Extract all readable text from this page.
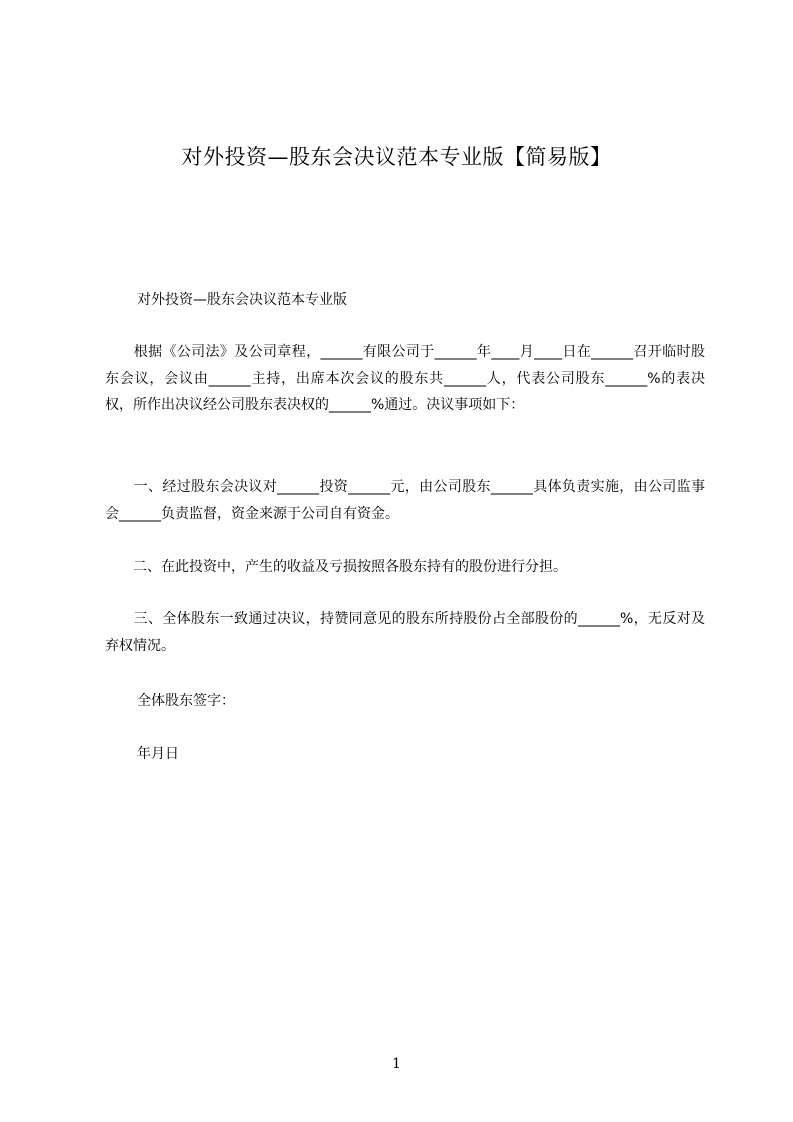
对外投资—股东会决议范本专业版【简易版】
对外投资—股东会决议范本专业版
　　根据《公司法》及公司章程，______有限公司于______年____月____日在______召开临时股东会议，会议由______主持，出席本次会议的股东共______人，代表公司股东______%的表决权，所作出决议经公司股东表决权的______%通过。决议事项如下：
　　一、经过股东会决议对______投资______元，由公司股东______具体负责实施，由公司监事会______负责监督，资金来源于公司自有资金。
　　二、在此投资中，产生的收益及亏损按照各股东持有的股份进行分担。
　　三、全体股东一致通过决议，持赞同意见的股东所持股份占全部股份的______%，无反对及弃权情况。
全体股东签字：
年月日
1
